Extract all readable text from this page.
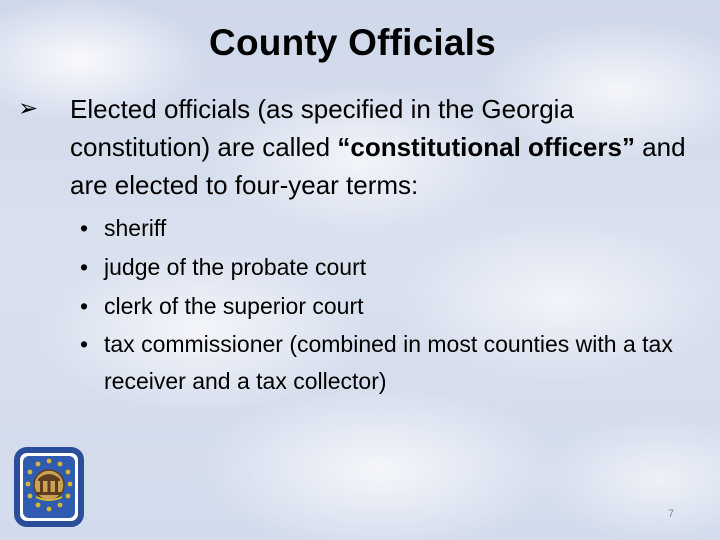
County Officials
➢	Elected officials (as specified in the Georgia constitution) are called “constitutional officers” and are elected to four-year terms:
• sheriff
• judge of the probate court
• clerk of the superior court
• tax commissioner (combined in most counties with a tax receiver and a tax collector)
7
